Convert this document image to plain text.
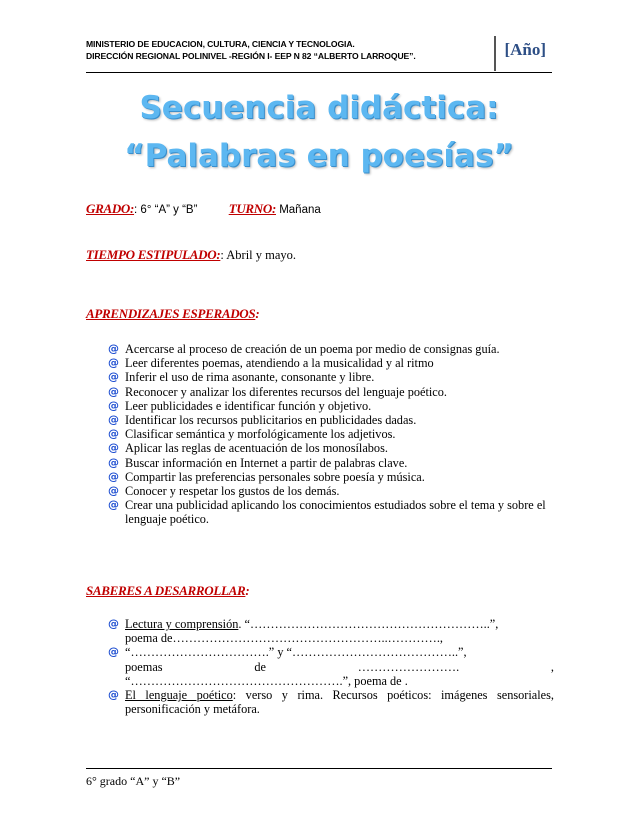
MINISTERIO DE EDUCACION, CULTURA, CIENCIA Y TECNOLOGIA.
DIRECCIÓN REGIONAL POLINIVEL -REGIÓN I- EEP N 82 “ALBERTO LARROQUE”.	[Año]
Secuencia didáctica:
“Palabras en poesías”
GRADO:: 6° “A” y “B” TURNO: Mañana
TIEMPO ESTIPULADO:: Abril y mayo.
APRENDIZAJES ESPERADOS:
@ Acercarse al proceso de creación de un poema por medio de consignas guía.
@ Leer diferentes poemas, atendiendo a la musicalidad y al ritmo
@ Inferir el uso de rima asonante, consonante y libre.
@ Reconocer y analizar los diferentes recursos del lenguaje poético.
@ Leer publicidades e identificar función y objetivo.
@ Identificar los recursos publicitarios en publicidades dadas.
@ Clasificar semántica y morfológicamente los adjetivos.
@ Aplicar las reglas de acentuación de los monosílabos.
@ Buscar información en Internet a partir de palabras clave.
@ Compartir las preferencias personales sobre poesía y música.
@ Conocer y respetar los gustos de los demás.
@ Crear una publicidad aplicando los conocimientos estudiados sobre el tema y sobre el lenguaje poético.
SABERES A DESARROLLAR:
@ Lectura y comprensión. “…………………………………………………..”,
poema de……………………………………………..………….,
@ “…………………………….” y “…………………………………..”,
poemas	de	…………………….	,
“…………………………………………….”, poema de .
@ El lenguaje poético: verso y rima. Recursos poéticos: imágenes sensoriales, personificación y metáfora.
6° grado “A” y “B”
